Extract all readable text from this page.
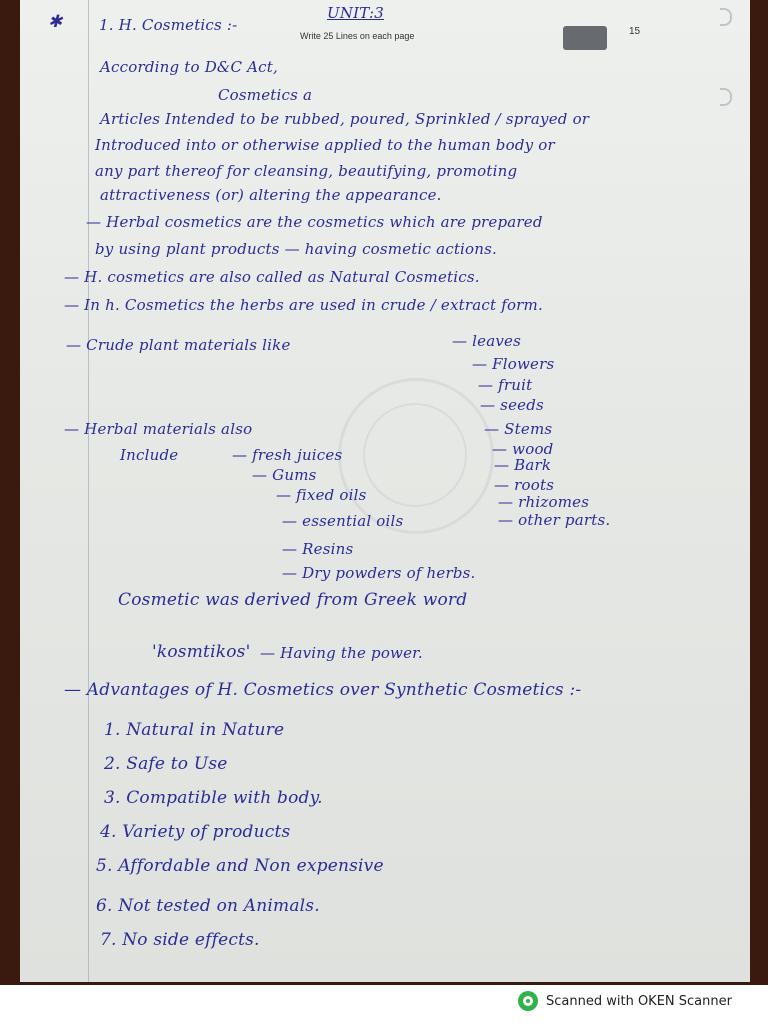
Write 25 Lines on each page	15
✱ 1. H. Cosmetics :-
UNIT:3
According to D&C Act,
Cosmetics a
Articles Intended to be rubbed, poured, Sprinkled / sprayed or
Introduced into or otherwise applied to the human body or
any part thereof for cleansing, beautifying, promoting
attractiveness (or) altering the appearance.
— Herbal cosmetics are the cosmetics which are prepared
by using plant products — having cosmetic actions.
— H. cosmetics are also called as Natural Cosmetics.
— In h. Cosmetics the herbs are used in crude / extract form.
— Crude plant materials like	— leaves
— Flowers
— fruit
— seeds
— Stems
— wood
— Bark
— roots
— rhizomes
— other parts.
— Herbal materials also
Include	— fresh juices
— Gums
— fixed oils
— essential oils
— Resins
— Dry powders of herbs.
Cosmetic was derived from Greek word
'kosmtikos' — Having the power.
— Advantages of H. Cosmetics over Synthetic Cosmetics :-
1. Natural in Nature
2. Safe to Use
3. Compatible with body.
4. Variety of products
5. Affordable and Non expensive
6. Not tested on Animals.
7. No side effects.
Scanned with OKEN Scanner
